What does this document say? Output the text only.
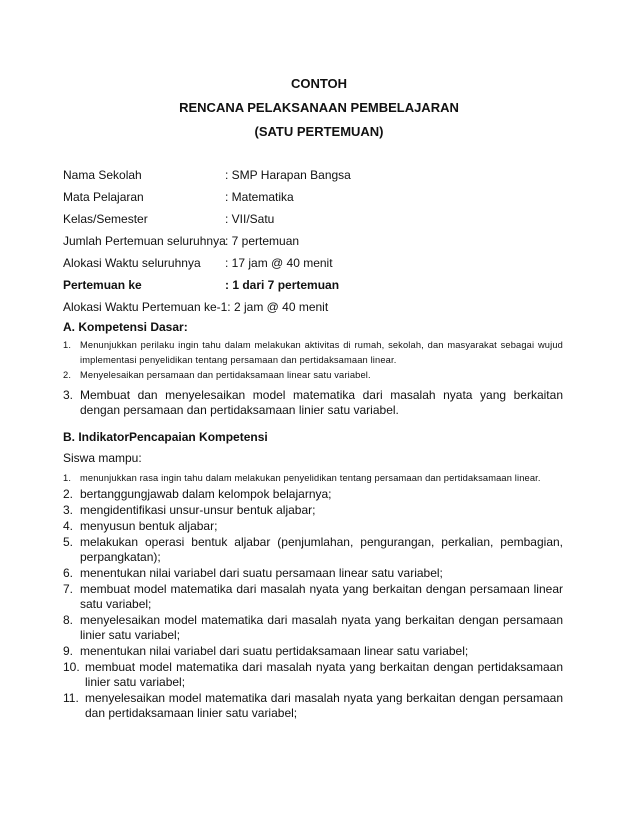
CONTOH
RENCANA PELAKSANAAN PEMBELAJARAN
(SATU PERTEMUAN)
Nama Sekolah	: SMP Harapan Bangsa
Mata Pelajaran	: Matematika
Kelas/Semester	: VII/Satu
Jumlah Pertemuan seluruhnya: 7 pertemuan
Alokasi Waktu seluruhnya : 17 jam @ 40 menit
Pertemuan ke	: 1 dari 7 pertemuan
Alokasi Waktu Pertemuan ke-1: 2 jam @ 40 menit
A. Kompetensi Dasar:
1. Menunjukkan perilaku ingin tahu dalam melakukan aktivitas di rumah, sekolah, dan masyarakat sebagai wujud implementasi penyelidikan tentang persamaan dan pertidaksamaan linear.
2. Menyelesaikan persamaan dan pertidaksamaan linear satu variabel.
3. Membuat dan menyelesaikan model matematika dari masalah nyata yang berkaitan dengan persamaan dan pertidaksamaan linier satu variabel.
B. IndikatorPencapaian Kompetensi
Siswa mampu:
1. menunjukkan rasa ingin tahu dalam melakukan penyelidikan tentang persamaan dan pertidaksamaan linear.
2. bertanggungjawab dalam kelompok belajarnya;
3. mengidentifikasi unsur-unsur bentuk aljabar;
4. menyusun bentuk aljabar;
5. melakukan operasi bentuk aljabar (penjumlahan, pengurangan, perkalian, pembagian, perpangkatan);
6. menentukan nilai variabel dari suatu persamaan linear satu variabel;
7. membuat model matematika dari masalah nyata yang berkaitan dengan persamaan linear satu variabel;
8. menyelesaikan model matematika dari masalah nyata yang berkaitan dengan persamaan linier satu variabel;
9. menentukan nilai variabel dari suatu pertidaksamaan linear satu variabel;
10. membuat model matematika dari masalah nyata yang berkaitan dengan pertidaksamaan linier satu variabel;
11. menyelesaikan model matematika dari masalah nyata yang berkaitan dengan persamaan dan pertidaksamaan linier satu variabel;
